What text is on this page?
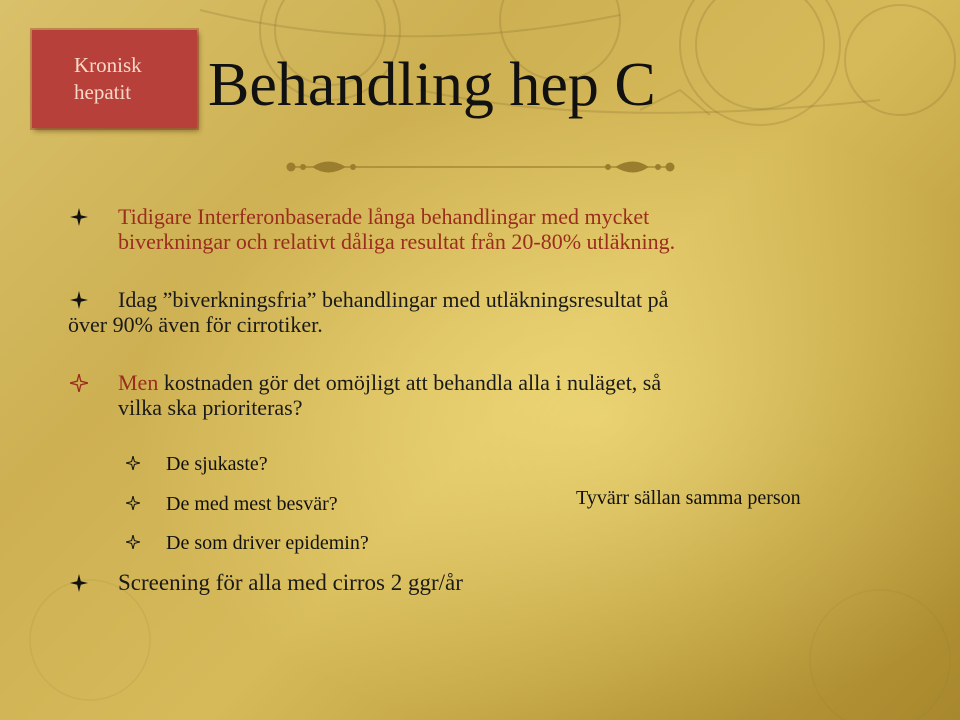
Kronisk
hepatit	Behandling hep C
Tidigare Interferonbaserade långa behandlingar med mycket
biverkningar och relativt dåliga resultat från 20-80% utläkning.
Idag ”biverkningsfria” behandlingar med utläkningsresultat på
över 90% även för cirrotiker.
Men kostnaden gör det omöjligt att behandla alla i nuläget, så
vilka ska prioriteras?
De sjukaste?
De med mest besvär?
De som driver epidemin?
Tyvärr sällan samma person
Screening för alla med cirros 2 ggr/år
